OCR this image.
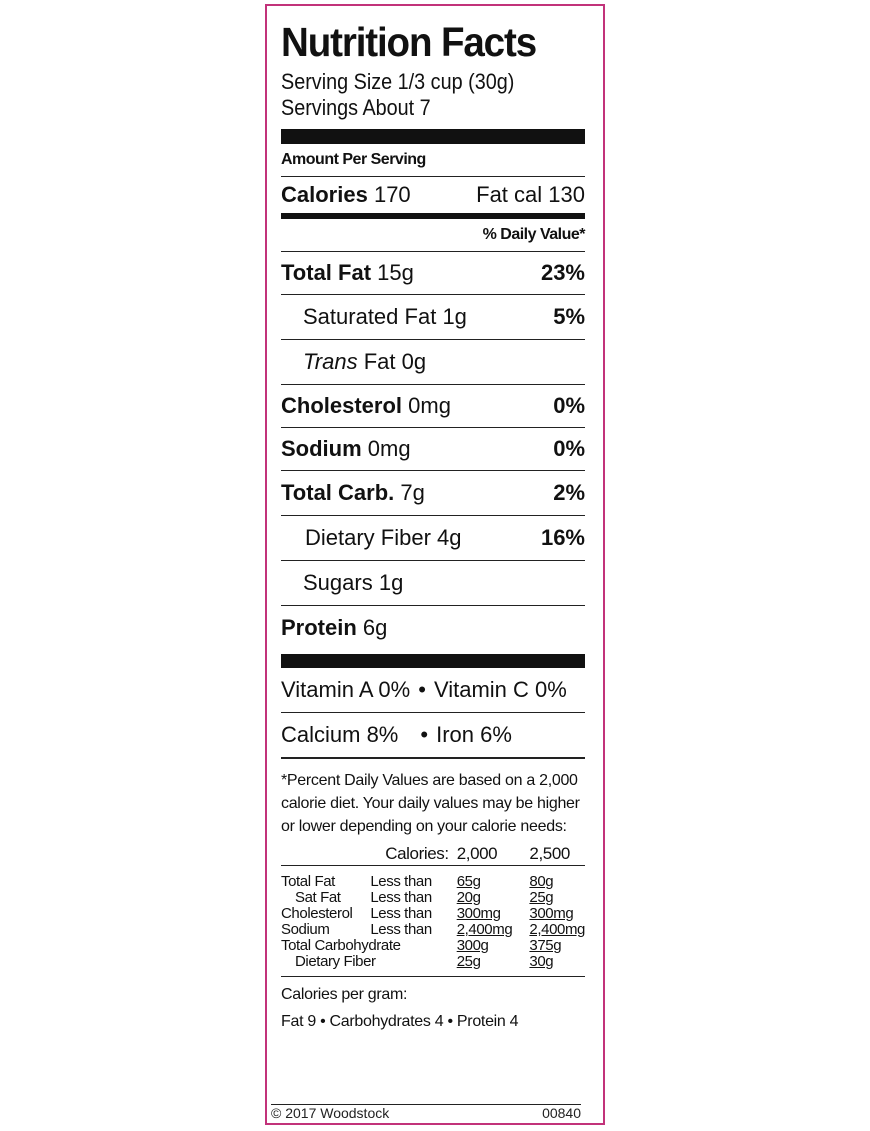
Nutrition Facts
Serving Size 1/3 cup (30g)
Servings About 7
Amount Per Serving
Calories 170	Fat cal 130
% Daily Value*
Total Fat 15g	23%
Saturated Fat 1g	5%
Trans Fat 0g
Cholesterol 0mg	0%
Sodium 0mg	0%
Total Carb. 7g	2%
Dietary Fiber 4g	16%
Sugars 1g
Protein 6g
Vitamin A 0% • Vitamin C 0%
Calcium 8% • Iron 6%
*Percent Daily Values are based on a 2,000 calorie diet. Your daily values may be higher or lower depending on your calorie needs:
	Calories:	2,000	2,500
Total Fat	Less than	65g	80g
Sat Fat	Less than	20g	25g
Cholesterol	Less than	300mg	300mg
Sodium	Less than	2,400mg	2,400mg
Total Carbohydrate		300g	375g
Dietary Fiber		25g	30g
Calories per gram:
Fat 9 • Carbohydrates 4 • Protein 4
© 2017 Woodstock	00840
